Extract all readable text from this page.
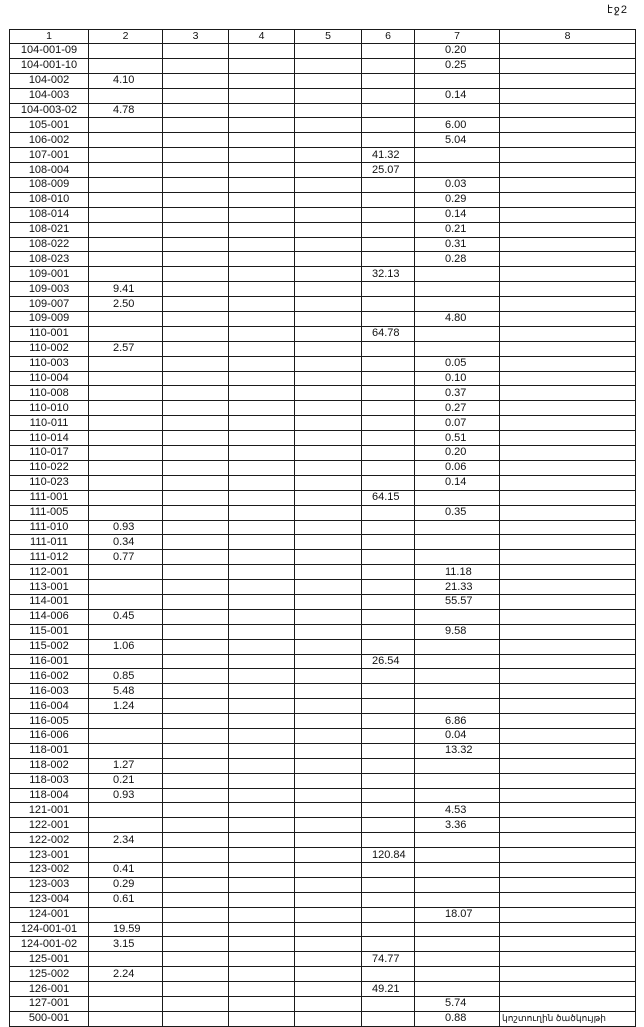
էջ2
1	2	3	4	5	6	7	8
104-001-09						0.20	
104-001-10						0.25	
104-002	4.10						
104-003						0.14	
104-003-02	4.78						
105-001						6.00	
106-002						5.04	
107-001					41.32		
108-004					25.07		
108-009						0.03	
108-010						0.29	
108-014						0.14	
108-021						0.21	
108-022						0.31	
108-023						0.28	
109-001					32.13		
109-003	9.41						
109-007	2.50						
109-009						4.80	
110-001					64.78		
110-002	2.57						
110-003						0.05	
110-004						0.10	
110-008						0.37	
110-010						0.27	
110-011						0.07	
110-014						0.51	
110-017						0.20	
110-022						0.06	
110-023						0.14	
111-001					64.15		
111-005						0.35	
111-010	0.93						
111-011	0.34						
111-012	0.77						
112-001						11.18	
113-001						21.33	
114-001						55.57	
114-006	0.45						
115-001						9.58	
115-002	1.06						
116-001					26.54		
116-002	0.85						
116-003	5.48						
116-004	1.24						
116-005						6.86	
116-006						0.04	
118-001						13.32	
118-002	1.27						
118-003	0.21						
118-004	0.93						
121-001						4.53	
122-001						3.36	
122-002	2.34						
123-001					120.84		
123-002	0.41						
123-003	0.29						
123-004	0.61						
124-001						18.07	
124-001-01	19.59						
124-001-02	3.15						
125-001					74.77		
125-002	2.24						
126-001					49.21		
127-001						5.74	
500-001						0.88	կոշտուղին ծածկույթի
